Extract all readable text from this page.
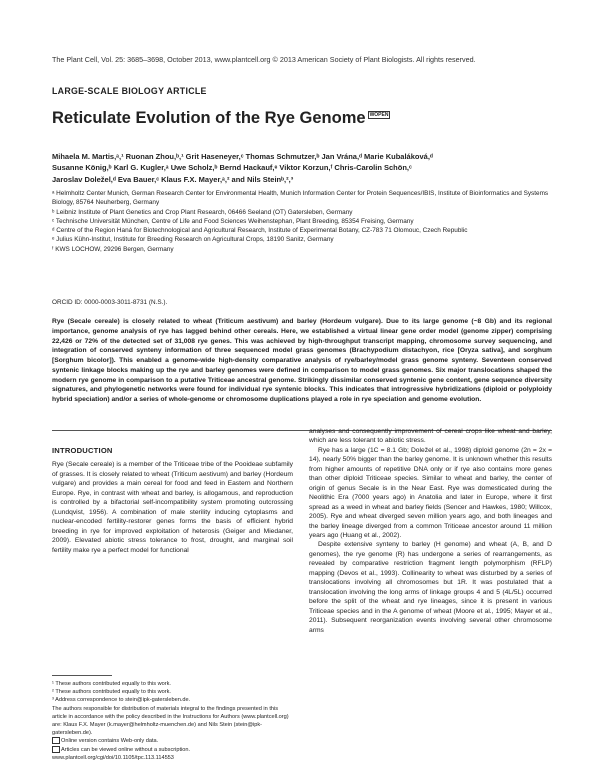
The Plant Cell, Vol. 25: 3685–3698, October 2013, www.plantcell.org © 2013 American Society of Plant Biologists. All rights reserved.
LARGE-SCALE BIOLOGY ARTICLE
Reticulate Evolution of the Rye Genome WOPEN
Mihaela M. Martis,ᵃ,¹ Ruonan Zhou,ᵇ,¹ Grit Haseneyer,ᶜ Thomas Schmutzer,ᵇ Jan Vrána,ᵈ Marie Kubaláková,ᵈ
Susanne König,ᵇ Karl G. Kugler,ᵃ Uwe Scholz,ᵇ Bernd Hackauf,ᵉ Viktor Korzun,ᶠ Chris-Carolin Schön,ᶜ
Jaroslav Doležel,ᵈ Eva Bauer,ᶜ Klaus F.X. Mayer,ᵃ,² and Nils Steinᵇ,²,³

ᵃ Helmholtz Center Munich, German Research Center for Environmental Health, Munich Information Center for Protein Sequences/IBIS, Institute of Bioinformatics and Systems Biology, 85764 Neuherberg, Germany

ᵇ Leibniz Institute of Plant Genetics and Crop Plant Research, 06466 Seeland (OT) Gatersleben, Germany

ᶜ Technische Universität München, Centre of Life and Food Sciences Weihenstephan, Plant Breeding, 85354 Freising, Germany

ᵈ Centre of the Region Haná for Biotechnological and Agricultural Research, Institute of Experimental Botany, CZ-783 71 Olomouc, Czech Republic

ᵉ Julius Kühn-Institut, Institute for Breeding Research on Agricultural Crops, 18190 Sanitz, Germany

ᶠ KWS LOCHOW, 29296 Bergen, Germany

ORCID ID: 0000-0003-3011-8731 (N.S.).
Rye (Secale cereale) is closely related to wheat (Triticum aestivum) and barley (Hordeum vulgare). Due to its large genome (~8 Gb) and its regional importance, genome analysis of rye has lagged behind other cereals. Here, we established a virtual linear gene order model (genome zipper) comprising 22,426 or 72% of the detected set of 31,008 rye genes. This was achieved by high-throughput transcript mapping, chromosome survey sequencing, and integration of conserved synteny information of three sequenced model grass genomes (Brachypodium distachyon, rice [Oryza sativa], and sorghum [Sorghum bicolor]). This enabled a genome-wide high-density comparative analysis of rye/barley/model grass genome synteny. Seventeen conserved syntenic linkage blocks making up the rye and barley genomes were defined in comparison to model grass genomes. Six major translocations shaped the modern rye genome in comparison to a putative Triticeae ancestral genome. Strikingly dissimilar conserved syntenic gene content, gene sequence diversity signatures, and phylogenetic networks were found for individual rye syntenic blocks. This indicates that introgressive hybridizations (diploid or polyploidy hybrid speciation) and/or a series of whole-genome or chromosome duplications played a role in rye speciation and genome evolution.
INTRODUCTION

Rye (Secale cereale) is a member of the Triticeae tribe of the Pooideae subfamily of grasses. It is closely related to wheat (Triticum aestivum) and barley (Hordeum vulgare) and provides a main cereal for food and feed in Eastern and Northern Europe. Rye, in contrast with wheat and barley, is allogamous, and reproduction is controlled by a bifactorial self-incompatibility system promoting outcrossing (Lundqvist, 1956). A combination of male sterility inducing cytoplasms and nuclear-encoded fertility-restorer genes forms the basis of efficient hybrid breeding in rye for improved exploitation of heterosis (Geiger and Miedaner, 2009). Elevated abiotic stress tolerance to frost, drought, and marginal soil fertility make rye a perfect model for functional

analyses and consequently improvement of cereal crops like wheat and barley, which are less tolerant to abiotic stress.

Rye has a large (1C = 8.1 Gb; Doležel et al., 1998) diploid genome (2n = 2x = 14), nearly 50% bigger than the barley genome. It is unknown whether this results from higher amounts of repetitive DNA only or if rye also contains more genes than other diploid Triticeae species. Similar to wheat and barley, the center of origin of genus Secale is in the Near East. Rye was domesticated during the Neolithic Era (7000 years ago) in Anatolia and later in Europe, where it first spread as a weed in wheat and barley fields (Sencer and Hawkes, 1980; Willcox, 2005). Rye and wheat diverged seven million years ago, and both lineages and the barley lineage diverged from a common Triticeae ancestor around 11 million years ago (Huang et al., 2002).

Despite extensive synteny to barley (H genome) and wheat (A, B, and D genomes), the rye genome (R) has undergone a series of rearrangements, as revealed by comparative restriction fragment length polymorphism (RFLP) mapping (Devos et al., 1993). Collinearity to wheat was disturbed by a series of translocations involving all chromosomes but 1R. It was postulated that a translocation involving the long arms of linkage groups 4 and 5 (4L/5L) occurred before the split of the wheat and rye lineages, since it is present in various Triticeae species and in the A genome of wheat (Moore et al., 1995; Mayer et al., 2011). Subsequent reorganization events involving several other chromosome arms

¹ These authors contributed equally to this work.

² These authors contributed equally to this work.

³ Address correspondence to stein@ipk-gatersleben.de.

The authors responsible for distribution of materials integral to the findings presented in this article in accordance with the policy described in the Instructions for Authors (www.plantcell.org) are: Klaus F.X. Mayer (k.mayer@helmholtz-muenchen.de) and Nils Stein (stein@ipk-gatersleben.de).

Online version contains Web-only data.

Articles can be viewed online without a subscription.

www.plantcell.org/cgi/doi/10.1105/tpc.113.114553
